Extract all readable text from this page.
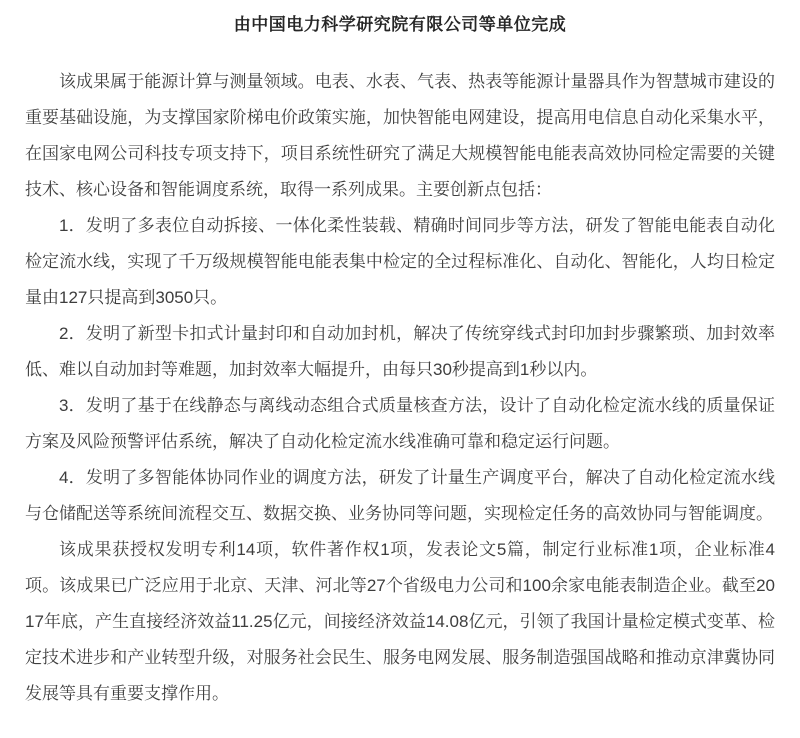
由中国电力科学研究院有限公司等单位完成

该成果属于能源计算与测量领域。电表、水表、气表、热表等能源计量器具作为智慧城市建设的重要基础设施，为支撑国家阶梯电价政策实施，加快智能电网建设，提高用电信息自动化采集水平，在国家电网公司科技专项支持下，项目系统性研究了满足大规模智能电能表高效协同检定需要的关键技术、核心设备和智能调度系统，取得一系列成果。主要创新点包括：

1．发明了多表位自动拆接、一体化柔性装载、精确时间同步等方法，研发了智能电能表自动化检定流水线，实现了千万级规模智能电能表集中检定的全过程标准化、自动化、智能化，人均日检定量由127只提高到3050只。

2．发明了新型卡扣式计量封印和自动加封机，解决了传统穿线式封印加封步骤繁琐、加封效率低、难以自动加封等难题，加封效率大幅提升，由每只30秒提高到1秒以内。

3．发明了基于在线静态与离线动态组合式质量核查方法，设计了自动化检定流水线的质量保证方案及风险预警评估系统，解决了自动化检定流水线准确可靠和稳定运行问题。

4．发明了多智能体协同作业的调度方法，研发了计量生产调度平台，解决了自动化检定流水线与仓储配送等系统间流程交互、数据交换、业务协同等问题，实现检定任务的高效协同与智能调度。

该成果获授权发明专利14项，软件著作权1项，发表论文5篇，制定行业标准1项，企业标准4项。该成果已广泛应用于北京、天津、河北等27个省级电力公司和100余家电能表制造企业。截至2017年底，产生直接经济效益11.25亿元，间接经济效益14.08亿元，引领了我国计量检定模式变革、检定技术进步和产业转型升级，对服务社会民生、服务电网发展、服务制造强国战略和推动京津冀协同发展等具有重要支撑作用。
